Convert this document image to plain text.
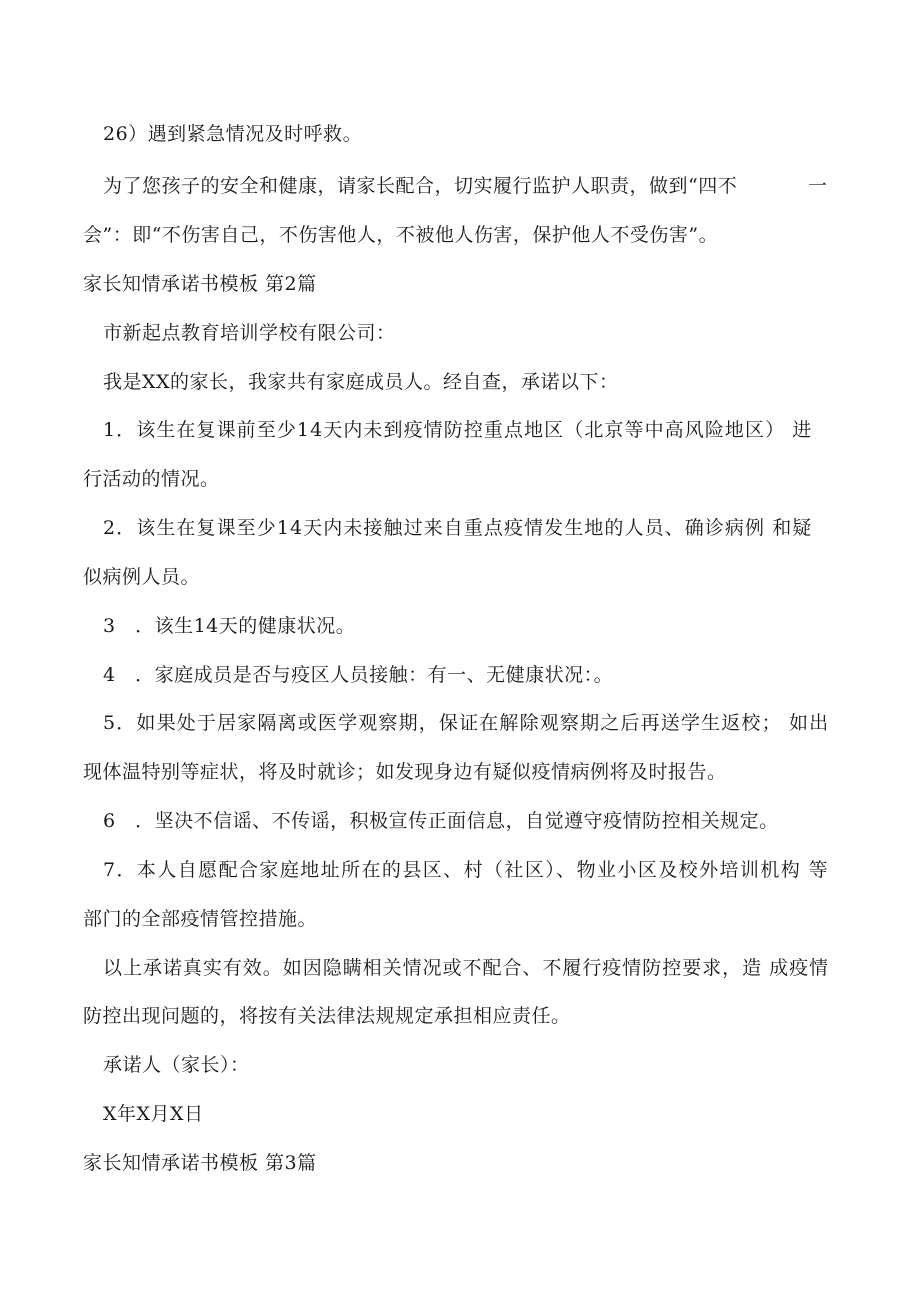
26）遇到紧急情况及时呼救。
为了您孩子的安全和健康，请家长配合，切实履行监护人职责，做到“四不	一
会”：即“不伤害自己，不伤害他人，不被他人伤害，保护他人不受伤害”。
家长知情承诺书模板 第2篇
市新起点教育培训学校有限公司：
我是XX的家长，我家共有家庭成员人。经自查，承诺以下：
1．该生在复课前至少14天内未到疫情防控重点地区（北京等中高风险地区） 进
行活动的情况。
2．该生在复课至少14天内未接触过来自重点疫情发生地的人员、确诊病例 和疑
似病例人员。
3　．该生14天的健康状况。
4　．家庭成员是否与疫区人员接触：有一、无健康状况：。
5．如果处于居家隔离或医学观察期，保证在解除观察期之后再送学生返校； 如出
现体温特别等症状，将及时就诊；如发现身边有疑似疫情病例将及时报告。
6　．坚决不信谣、不传谣，积极宣传正面信息，自觉遵守疫情防控相关规定。
7．本人自愿配合家庭地址所在的县区、村（社区）、物业小区及校外培训机构 等
部门的全部疫情管控措施。
以上承诺真实有效。如因隐瞒相关情况或不配合、不履行疫情防控要求，造 成疫情
防控出现问题的，将按有关法律法规规定承担相应责任。
承诺人（家长）：
X年X月X日
家长知情承诺书模板 第3篇
